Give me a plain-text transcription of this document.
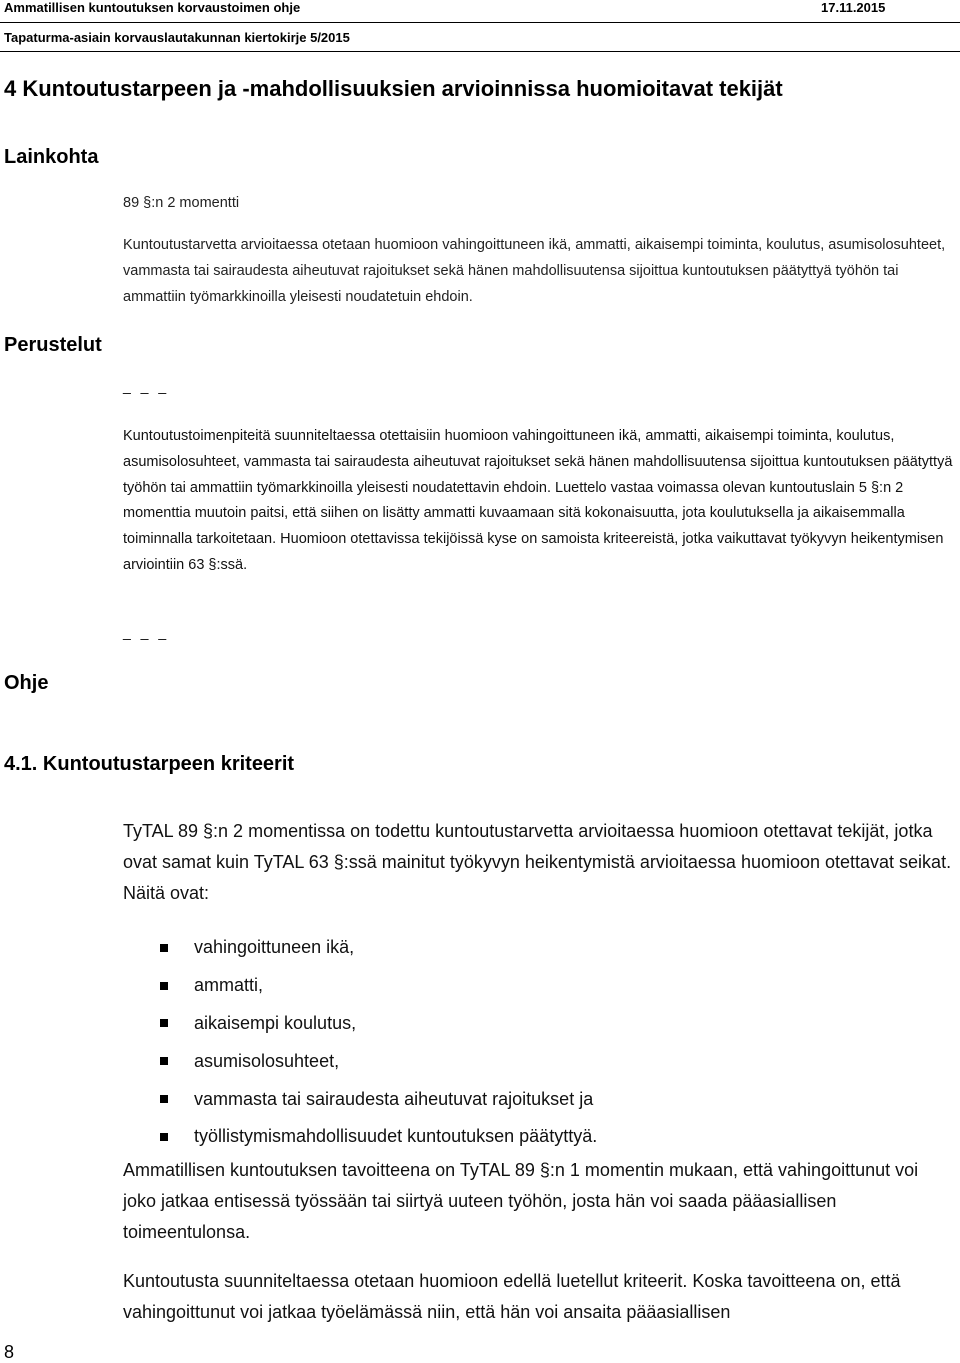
Ammatillisen kuntoutuksen korvaustoimen ohje	17.11.2015
Tapaturma-asiain korvauslautakunnan kiertokirje 5/2015
4 Kuntoutustarpeen ja -mahdollisuuksien arvioinnissa huomioitavat tekijät
Lainkohta
89 §:n 2 momentti
Kuntoutustarvetta arvioitaessa otetaan huomioon vahingoittuneen ikä, ammatti, aikaisempi toiminta, koulutus, asumisolosuhteet, vammasta tai sairaudesta aiheutuvat rajoitukset sekä hänen mahdollisuutensa sijoittua kuntoutuksen päätyttyä työhön tai ammattiin työmarkkinoilla yleisesti noudatetuin ehdoin.
Perustelut
_ _ _
Kuntoutustoimenpiteitä suunniteltaessa otettaisiin huomioon vahingoittuneen ikä, ammatti, aikaisempi toiminta, koulutus, asumisolosuhteet, vammasta tai sairaudesta aiheutuvat rajoitukset sekä hänen mahdollisuutensa sijoittua kuntoutuksen päätyttyä työhön tai ammattiin työmarkkinoilla yleisesti noudatettavin ehdoin. Luettelo vastaa voimassa olevan kuntoutuslain 5 §:n 2 momenttia muutoin paitsi, että siihen on lisätty ammatti kuvaamaan sitä kokonaisuutta, jota koulutuksella ja aikaisemmalla toiminnalla tarkoitetaan. Huomioon otettavissa tekijöissä kyse on samoista kriteereistä, jotka vaikuttavat työkyvyn heikentymisen arviointiin 63 §:ssä.
_ _ _
Ohje
4.1. Kuntoutustarpeen kriteerit
TyTAL 89 §:n 2 momentissa on todettu kuntoutustarvetta arvioitaessa huomioon otettavat tekijät, jotka ovat samat kuin TyTAL 63 §:ssä mainitut työkyvyn heikentymistä arvioitaessa huomioon otettavat seikat. Näitä ovat:
vahingoittuneen ikä,
ammatti,
aikaisempi koulutus,
asumisolosuhteet,
vammasta tai sairaudesta aiheutuvat rajoitukset ja
työllistymismahdollisuudet kuntoutuksen päätyttyä.
Ammatillisen kuntoutuksen tavoitteena on TyTAL 89 §:n 1 momentin mukaan, että vahingoittunut voi joko jatkaa entisessä työssään tai siirtyä uuteen työhön, josta hän voi saada pääasiallisen toimeentulonsa.
Kuntoutusta suunniteltaessa otetaan huomioon edellä luetellut kriteerit. Koska tavoitteena on, että vahingoittunut voi jatkaa työelämässä niin, että hän voi ansaita pääasiallisen
8
